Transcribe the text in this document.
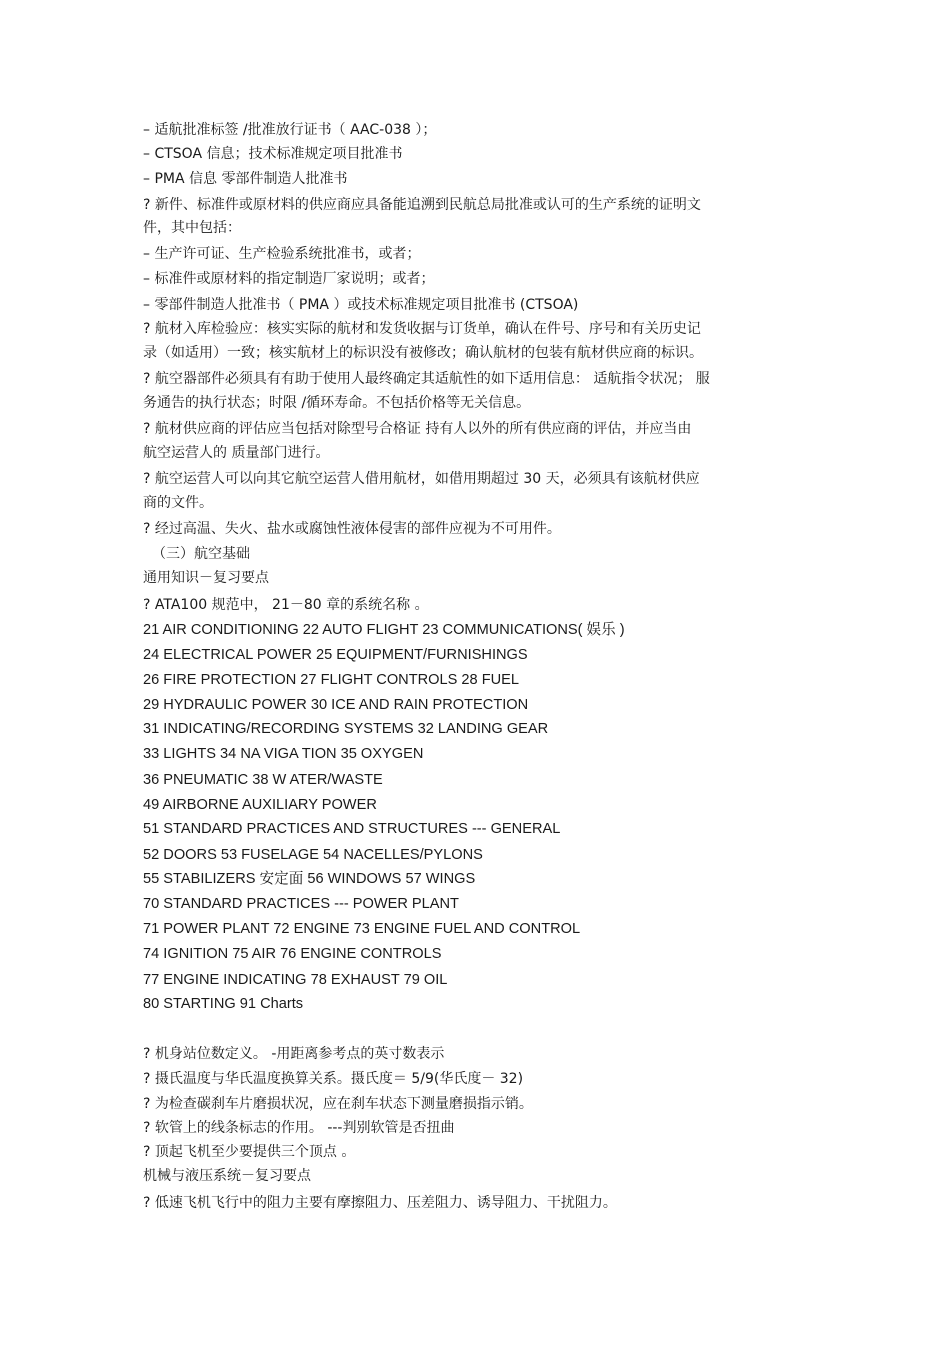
– 适航批准标签 /批准放行证书（ AAC-038 ）；
– CTSOA 信息；技术标准规定项目批准书
– PMA 信息 零部件制造人批准书
? 新件、标准件或原材料的供应商应具备能追溯到民航总局批准或认可的生产系统的证明文
件，其中包括：
– 生产许可证、生产检验系统批准书，或者；
– 标准件或原材料的指定制造厂家说明；或者；
– 零部件制造人批准书（ PMA ）或技术标准规定项目批准书 (CTSOA)
? 航材入库检验应：核实实际的航材和发货收据与订货单，确认在件号、序号和有关历史记
录（如适用）一致；核实航材上的标识没有被修改；确认航材的包装有航材供应商的标识。
? 航空器部件必须具有有助于使用人最终确定其适航性的如下适用信息： 适航指令状况； 服
务通告的执行状态；时限 /循环寿命。不包括价格等无关信息。
? 航材供应商的评估应当包括对除型号合格证 持有人以外的所有供应商的评估，并应当由
航空运营人的 质量部门进行。
? 航空运营人可以向其它航空运营人借用航材，如借用期超过 30 天，必须具有该航材供应
商的文件。
? 经过高温、失火、盐水或腐蚀性液体侵害的部件应视为不可用件。
（三）航空基础
通用知识－复习要点
? ATA100 规范中， 21－80 章的系统名称 。
21 AIR CONDITIONING 22 AUTO FLIGHT 23 COMMUNICATIONS( 娱乐 )
24 ELECTRICAL POWER 25 EQUIPMENT/FURNISHINGS
26 FIRE PROTECTION 27 FLIGHT CONTROLS 28 FUEL
29 HYDRAULIC POWER 30 ICE AND RAIN PROTECTION
31 INDICATING/RECORDING SYSTEMS 32 LANDING GEAR
33 LIGHTS 34 NA VIGA TION 35 OXYGEN
36 PNEUMATIC 38 W ATER/WASTE
49 AIRBORNE AUXILIARY POWER
51 STANDARD PRACTICES AND STRUCTURES --- GENERAL
52 DOORS 53 FUSELAGE 54 NACELLES/PYLONS
55 STABILIZERS 安定面 56 WINDOWS 57 WINGS
70 STANDARD PRACTICES --- POWER PLANT
71 POWER PLANT 72 ENGINE 73 ENGINE FUEL AND CONTROL
74 IGNITION 75 AIR 76 ENGINE CONTROLS
77 ENGINE INDICATING 78 EXHAUST 79 OIL
80 STARTING 91 Charts
? 机身站位数定义。 -用距离参考点的英寸数表示
? 摄氏温度与华氏温度换算关系。摄氏度＝ 5/9(华氏度－ 32)
? 为检查碳刹车片磨损状况，应在刹车状态下测量磨损指示销。
? 软管上的线条标志的作用。 ---判别软管是否扭曲
? 顶起飞机至少要提供三个顶点 。
机械与液压系统－复习要点
? 低速飞机飞行中的阻力主要有摩擦阻力、压差阻力、诱导阻力、干扰阻力。
